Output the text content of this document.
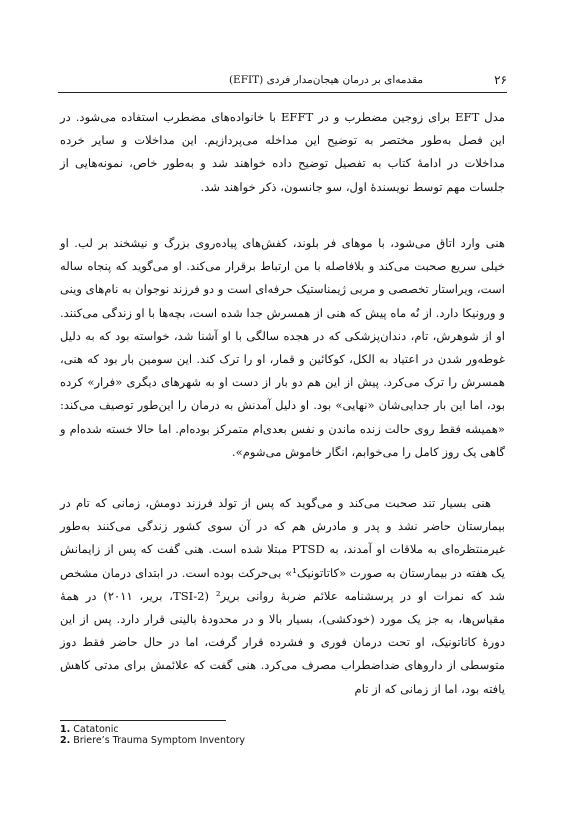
۲۶
مقدمه‌ای بر درمان هیجان‌مدار فردی (EFIT)

مدل EFT برای زوجین مضطرب و در EFFT با خانواده‌های مضطرب استفاده می‌شود. در این فصل به‌طور مختصر به توضیح این مداخله می‌پردازیم. این مداخلات و سایر خرده مداخلات در ادامهٔ کتاب به تفصیل توضیح داده خواهند شد و به‌طور خاص، نمونه‌هایی از جلسات مهم توسط نویسندهٔ اول، سو جانسون، ذکر خواهند شد.

هنی وارد اتاق می‌شود، با موهای فر بلوند، کفش‌های پیاده‌روی بزرگ و نیشخند بر لب. او خیلی سریع صحبت می‌کند و بلافاصله با من ارتباط برقرار می‌کند. او می‌گوید که پنجاه ساله است، ویراستار تخصصی و مربی ژیمناستیک حرفه‌ای است و دو فرزند نوجوان به نام‌های وینی و ورونیکا دارد. از نُه ماه پیش که هنی از همسرش جدا شده است، بچه‌ها با او زندگی می‌کنند. او از شوهرش، تام، دندان‌پزشکی که در هجده سالگی با او آشنا شد، خواسته بود که به دلیل غوطه‌ور شدن در اعتیاد به الکل، کوکائین و قمار، او را ترک کند. این سومین بار بود که هنی، همسرش را ترک می‌کرد. پیش از این هم دو بار از دست او به شهرهای دیگری «فرار» کرده بود، اما این بار جدایی‌شان «نهایی» بود. او دلیل آمدنش به درمان را این‌طور توصیف می‌کند: «همیشه فقط روی حالت زنده ماندن و نفس بعدی‌ام متمرکز بوده‌ام. اما حالا خسته شده‌ام و گاهی یک روز کامل را می‌خوابم، انگار خاموش می‌شوم».

هنی بسیار تند صحبت می‌کند و می‌گوید که پس از تولد فرزند دومش، زمانی که تام در بیمارستان حاضر نشد و پدر و مادرش هم که در آن سوی کشور زندگی می‌کنند به‌طور غیرمنتظره‌ای به ملاقات او آمدند، به PTSD مبتلا شده است. هنی گفت که پس از زایمانش یک هفته در بیمارستان به صورت «کاتاتونیک¹» بی‌حرکت بوده است. در ابتدای درمان مشخص شد که نمرات او در پرسشنامه علائم ضربهٔ روانی بریر² (TSI-2، بریر، ۲۰۱۱) در همهٔ مقیاس‌ها، به جز یک مورد (خودکشی)، بسیار بالا و در محدودهٔ بالینی قرار دارد. پس از این دورهٔ کاتاتونیک، او تحت درمان فوری و فشرده قرار گرفت، اما در حال حاضر فقط دوز متوسطی از داروهای ضداضطراب مصرف می‌کرد. هنی گفت که علائمش برای مدتی کاهش یافته بود، اما از زمانی که از تام

1. Catatonic
2. Briere’s Trauma Symptom Inventory
